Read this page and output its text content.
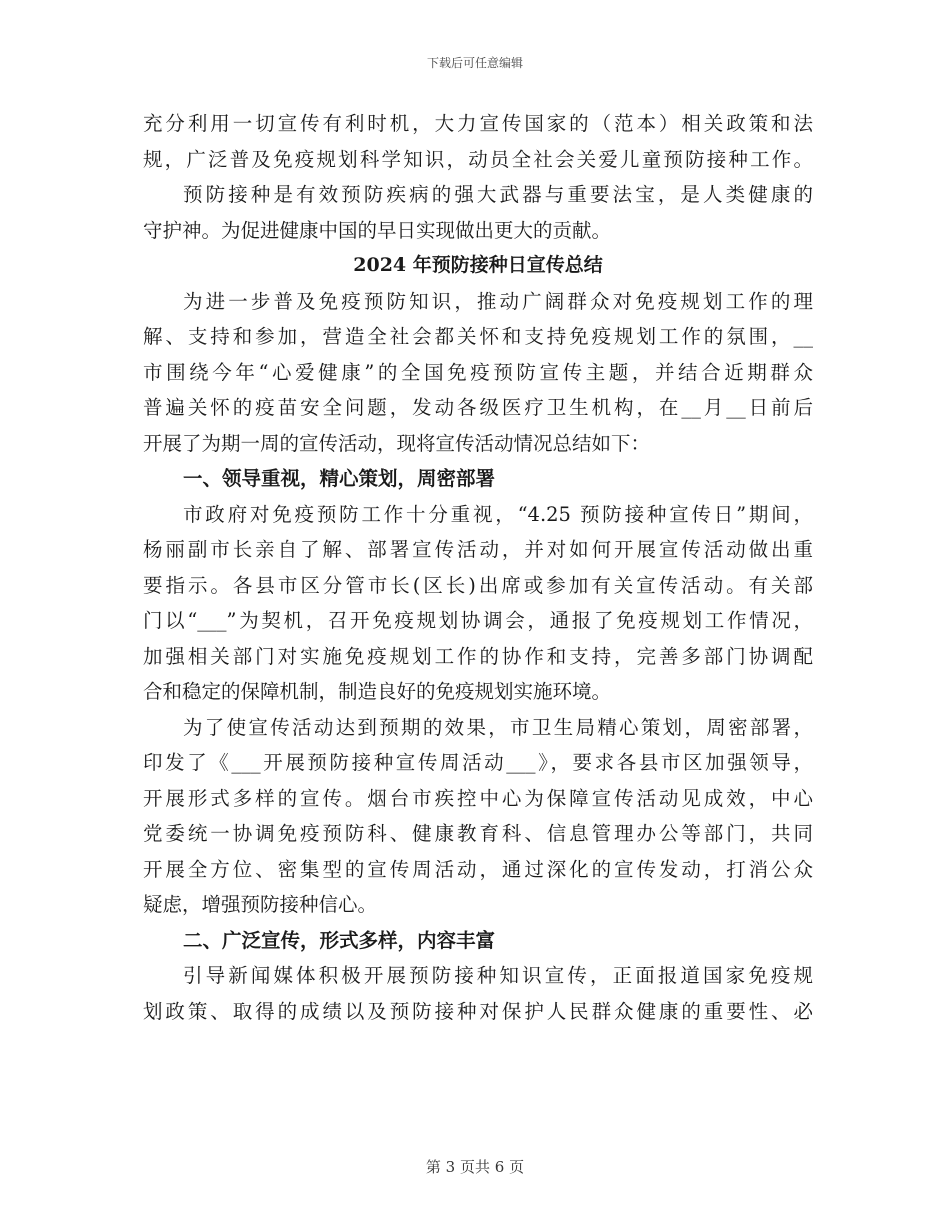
下载后可任意编辑
充分利用一切宣传有利时机，大力宣传国家的（范本）相关政策和法
规，广泛普及免疫规划科学知识，动员全社会关爱儿童预防接种工作。
预防接种是有效预防疾病的强大武器与重要法宝，是人类健康的
守护神。为促进健康中国的早日实现做出更大的贡献。
2024 年预防接种日宣传总结
为进一步普及免疫预防知识，推动广阔群众对免疫规划工作的理
解、支持和参加，营造全社会都关怀和支持免疫规划工作的氛围，__
市围绕今年“心爱健康”的全国免疫预防宣传主题，并结合近期群众
普遍关怀的疫苗安全问题，发动各级医疗卫生机构，在__月__日前后
开展了为期一周的宣传活动，现将宣传活动情况总结如下：
一、领导重视，精心策划，周密部署
市政府对免疫预防工作十分重视，“4.25 预防接种宣传日”期间，
杨丽副市长亲自了解、部署宣传活动，并对如何开展宣传活动做出重
要指示。各县市区分管市长(区长)出席或参加有关宣传活动。有关部
门以“___”为契机，召开免疫规划协调会，通报了免疫规划工作情况，
加强相关部门对实施免疫规划工作的协作和支持，完善多部门协调配
合和稳定的保障机制，制造良好的免疫规划实施环境。
为了使宣传活动达到预期的效果，市卫生局精心策划，周密部署，
印发了《___开展预防接种宣传周活动___》，要求各县市区加强领导，
开展形式多样的宣传。烟台市疾控中心为保障宣传活动见成效，中心
党委统一协调免疫预防科、健康教育科、信息管理办公等部门，共同
开展全方位、密集型的宣传周活动，通过深化的宣传发动，打消公众
疑虑，增强预防接种信心。
二、广泛宣传，形式多样，内容丰富
引导新闻媒体积极开展预防接种知识宣传，正面报道国家免疫规
划政策、取得的成绩以及预防接种对保护人民群众健康的重要性、必
第 3 页共 6 页
